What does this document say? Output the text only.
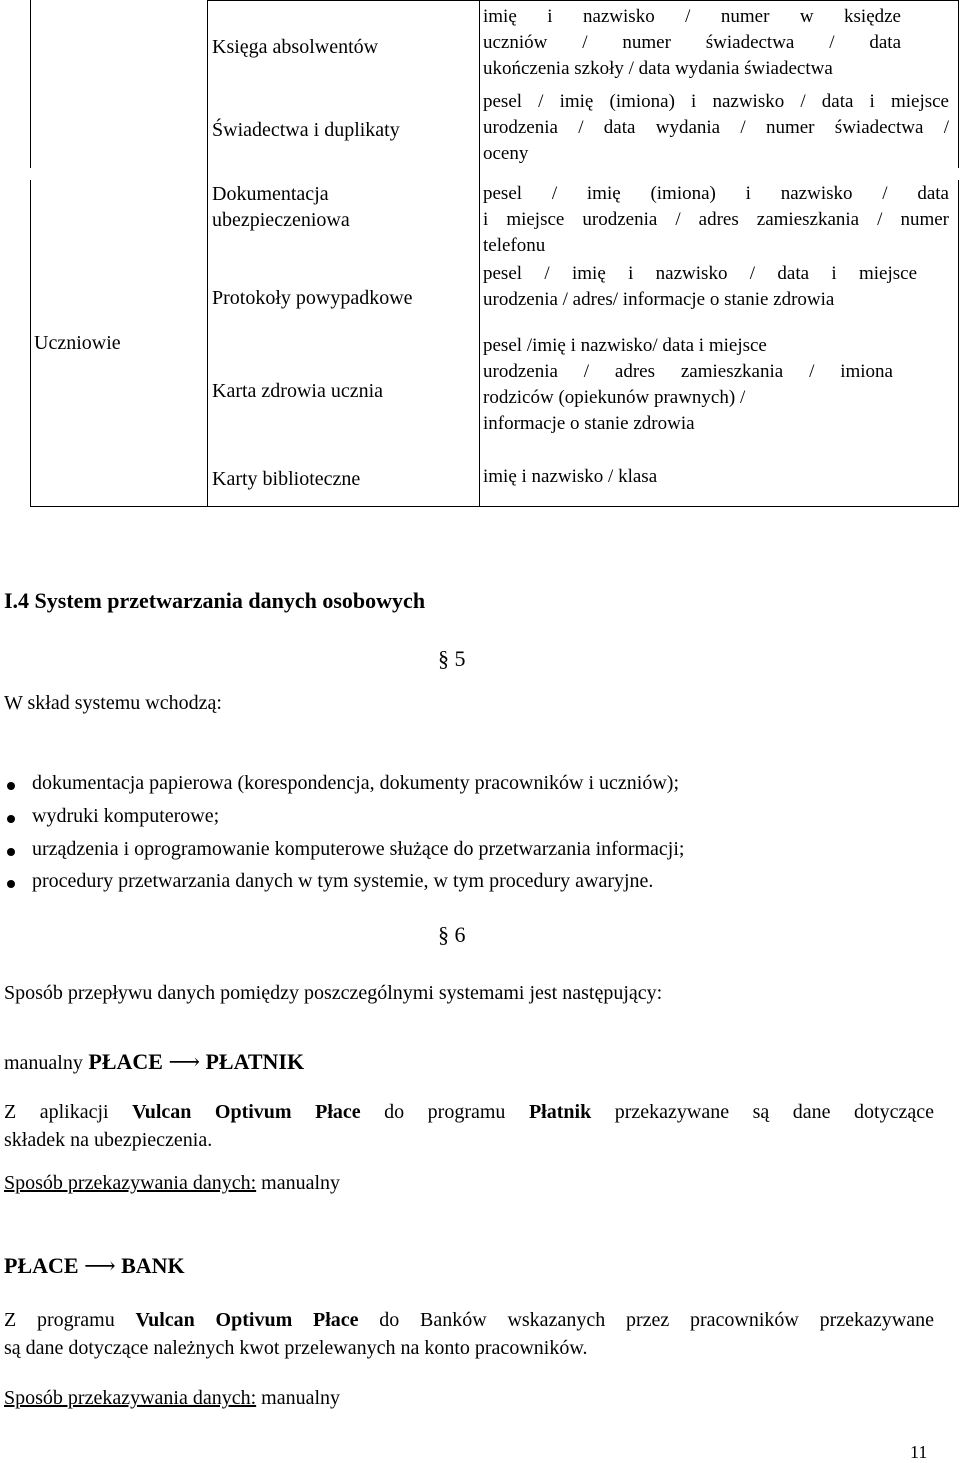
Uczniowie
Księga absolwentów
imię i nazwisko / numer w księdze
uczniów / numer świadectwa / data
ukończenia szkoły / data wydania świadectwa
Świadectwa i duplikaty
pesel / imię (imiona) i nazwisko / data i miejsce
urodzenia / data wydania / numer świadectwa /
oceny
Dokumentacja
ubezpieczeniowa
pesel / imię (imiona) i nazwisko / data
i miejsce urodzenia / adres zamieszkania / numer
telefonu
Protokoły powypadkowe
pesel / imię i nazwisko / data i miejsce
urodzenia / adres/ informacje o stanie zdrowia
Karta zdrowia ucznia
pesel /imię i nazwisko/ data i miejsce
urodzenia / adres zamieszkania / imiona
rodziców (opiekunów prawnych) /
informacje o stanie zdrowia
Karty biblioteczne	imię i nazwisko / klasa
I.4 System przetwarzania danych osobowych
§ 5
W skład systemu wchodzą:
dokumentacja papierowa (korespondencja, dokumenty pracowników i uczniów);
wydruki komputerowe;
urządzenia i oprogramowanie komputerowe służące do przetwarzania informacji;
procedury przetwarzania danych w tym systemie, w tym procedury awaryjne.
§ 6
Sposób przepływu danych pomiędzy poszczególnymi systemami jest następujący:
manualny PŁACE ⟶ PŁATNIK
Z aplikacji Vulcan Optivum Płace do programu Płatnik przekazywane są dane dotyczące
składek na ubezpieczenia.
Sposób przekazywania danych: manualny
PŁACE ⟶ BANK
Z programu Vulcan Optivum Płace do Banków wskazanych przez pracowników przekazywane
są dane dotyczące należnych kwot przelewanych na konto pracowników.
Sposób przekazywania danych: manualny
11
